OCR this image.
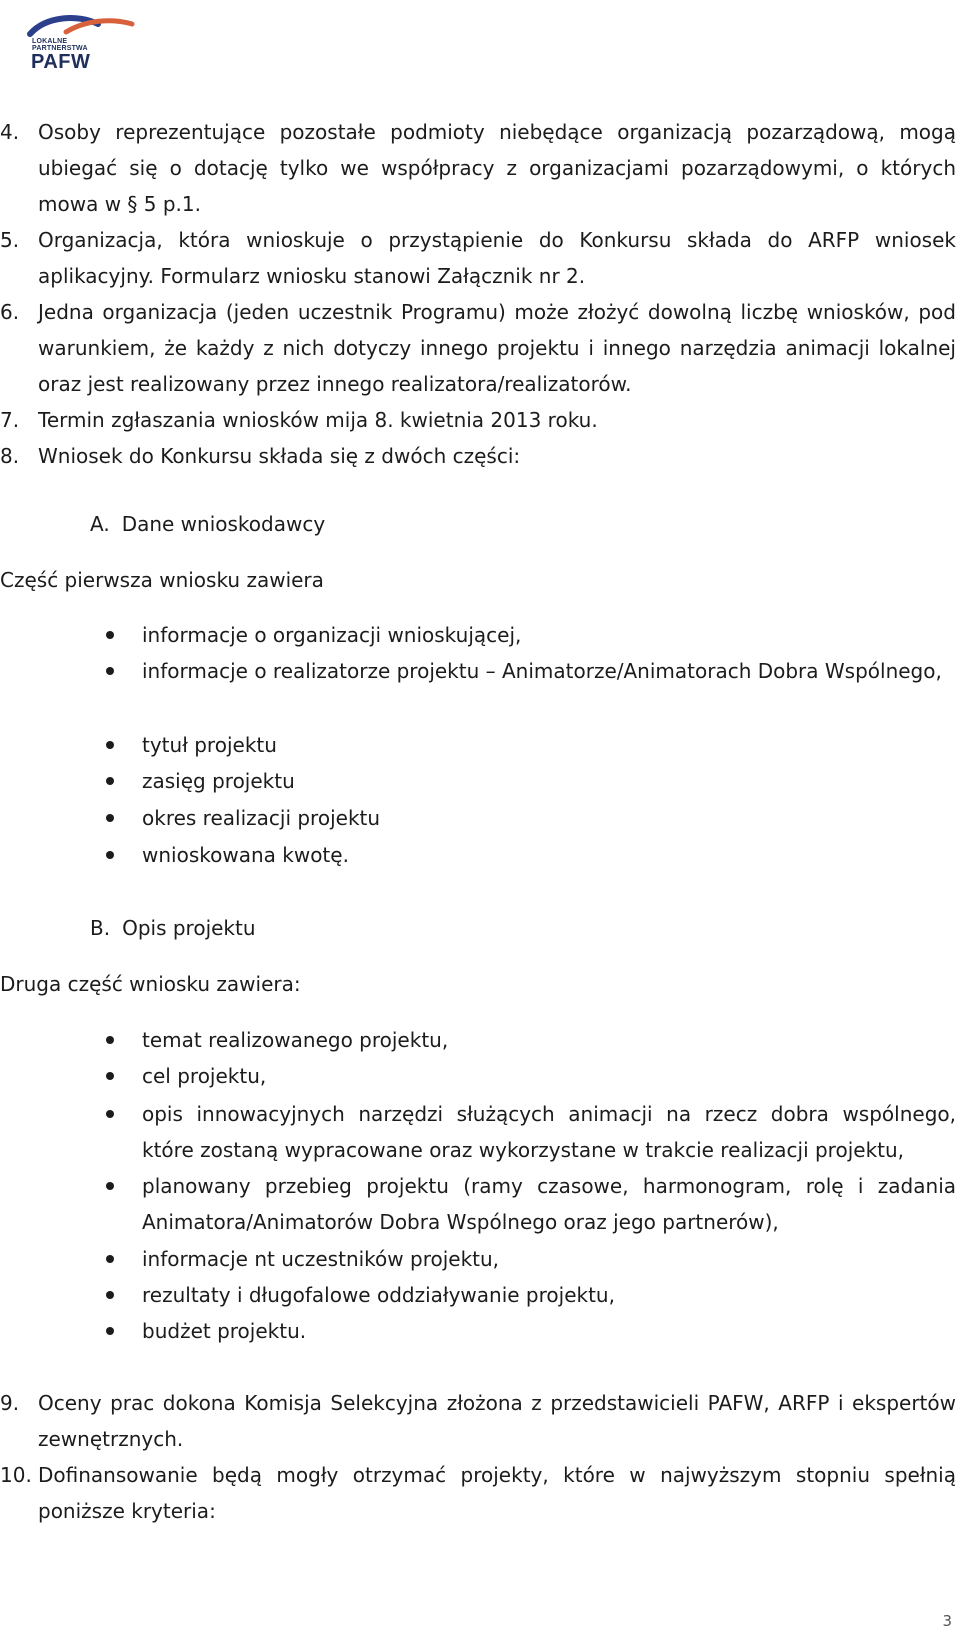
LOKALNE
PARTNERSTWA
PAFW
4. Osoby reprezentujące pozostałe podmioty niebędące organizacją pozarządową, mogą ubiegać się o dotację tylko we współpracy z organizacjami pozarządowymi, o których mowa w § 5 p.1.
5. Organizacja, która wnioskuje o przystąpienie do Konkursu składa do ARFP wniosek aplikacyjny. Formularz wniosku stanowi Załącznik nr 2.
6. Jedna organizacja (jeden uczestnik Programu) może złożyć dowolną liczbę wniosków, pod warunkiem, że każdy z nich dotyczy innego projektu i innego narzędzia animacji lokalnej oraz jest realizowany przez innego realizatora/realizatorów.
7. Termin zgłaszania wniosków mija 8. kwietnia 2013 roku.
8. Wniosek do Konkursu składa się z dwóch części:
A. Dane wnioskodawcy
Część pierwsza wniosku zawiera
informacje o organizacji wnioskującej,
informacje o realizatorze projektu – Animatorze/Animatorach Dobra Wspólnego,
tytuł projektu
zasięg projektu
okres realizacji projektu
wnioskowana kwotę.
B. Opis projektu
Druga część wniosku zawiera:
temat realizowanego projektu,
cel projektu,
opis innowacyjnych narzędzi służących animacji na rzecz dobra wspólnego, które zostaną wypracowane oraz wykorzystane w trakcie realizacji projektu,
planowany przebieg projektu (ramy czasowe, harmonogram, rolę i zadania Animatora/Animatorów Dobra Wspólnego oraz jego partnerów),
informacje nt uczestników projektu,
rezultaty i długofalowe oddziaływanie projektu,
budżet projektu.
9. Oceny prac dokona Komisja Selekcyjna złożona z przedstawicieli PAFW, ARFP i ekspertów zewnętrznych.
10. Dofinansowanie będą mogły otrzymać projekty, które w najwyższym stopniu spełnią poniższe kryteria:
3
